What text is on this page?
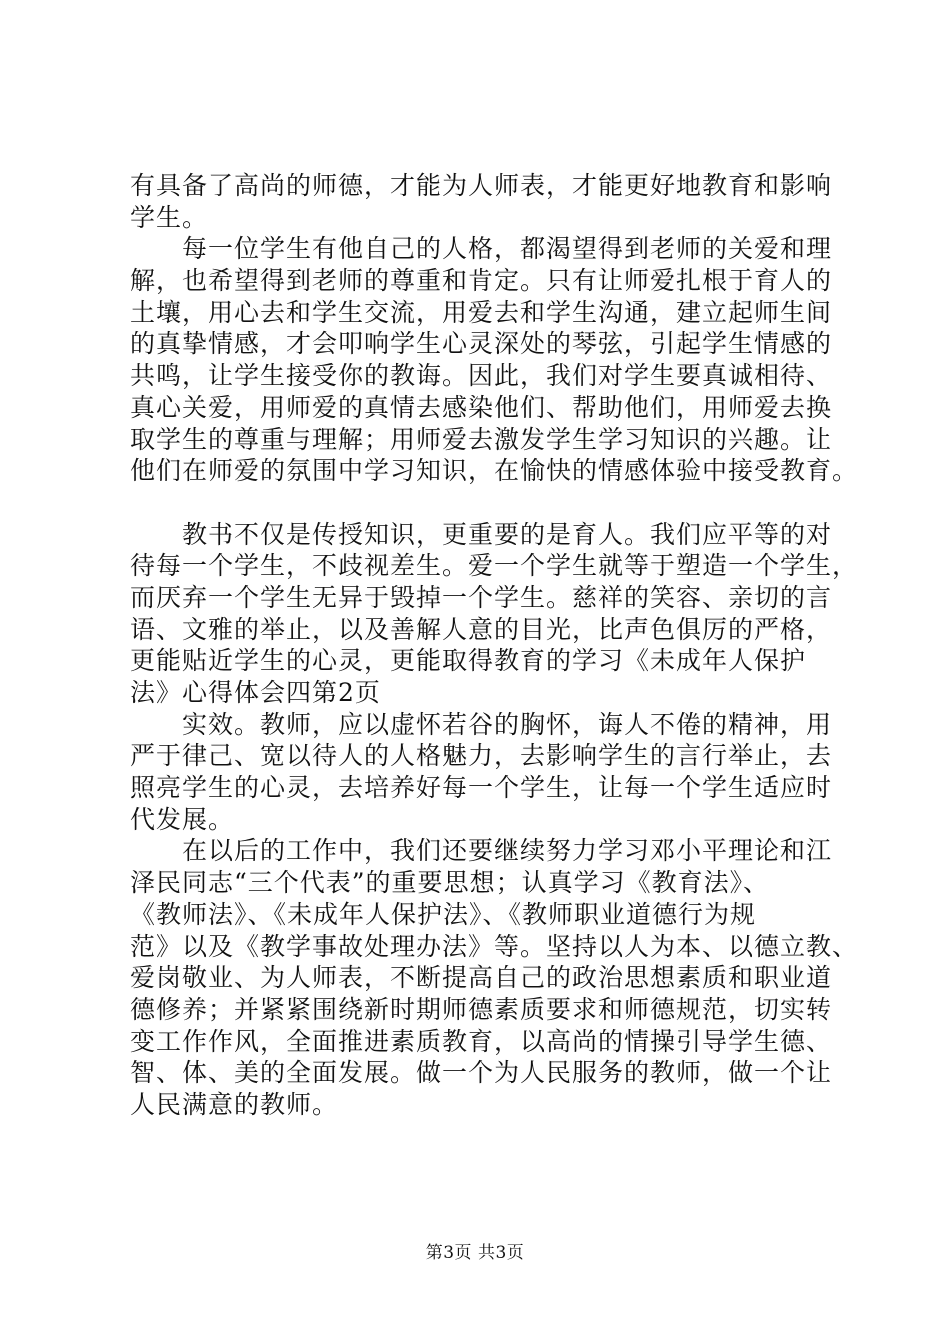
有具备了高尚的师德，才能为人师表，才能更好地教育和影响
学生。
　　每一位学生有他自己的人格，都渴望得到老师的关爱和理
解，也希望得到老师的尊重和肯定。只有让师爱扎根于育人的
土壤，用心去和学生交流，用爱去和学生沟通，建立起师生间
的真挚情感，才会叩响学生心灵深处的琴弦，引起学生情感的
共鸣，让学生接受你的教诲。因此，我们对学生要真诚相待、
真心关爱，用师爱的真情去感染他们、帮助他们，用师爱去换
取学生的尊重与理解；用师爱去激发学生学习知识的兴趣。让
他们在师爱的氛围中学习知识，在愉快的情感体验中接受教育。
　　教书不仅是传授知识，更重要的是育人。我们应平等的对
待每一个学生，不歧视差生。爱一个学生就等于塑造一个学生，
而厌弃一个学生无异于毁掉一个学生。慈祥的笑容、亲切的言
语、文雅的举止，以及善解人意的目光，比声色俱厉的严格，
更能贴近学生的心灵，更能取得教育的学习《未成年人保护
法》心得体会四第2页
　　实效。教师，应以虚怀若谷的胸怀，诲人不倦的精神，用
严于律己、宽以待人的人格魅力，去影响学生的言行举止，去
照亮学生的心灵，去培养好每一个学生，让每一个学生适应时
代发展。
　　在以后的工作中，我们还要继续努力学习邓小平理论和江
泽民同志“三个代表”的重要思想；认真学习《教育法》、
《教师法》、《未成年人保护法》、《教师职业道德行为规
范》以及《教学事故处理办法》等。坚持以人为本、以德立教、
爱岗敬业、为人师表，不断提高自己的政治思想素质和职业道
德修养；并紧紧围绕新时期师德素质要求和师德规范，切实转
变工作作风，全面推进素质教育，以高尚的情操引导学生德、
智、体、美的全面发展。做一个为人民服务的教师，做一个让
人民满意的教师。
第3页 共3页
